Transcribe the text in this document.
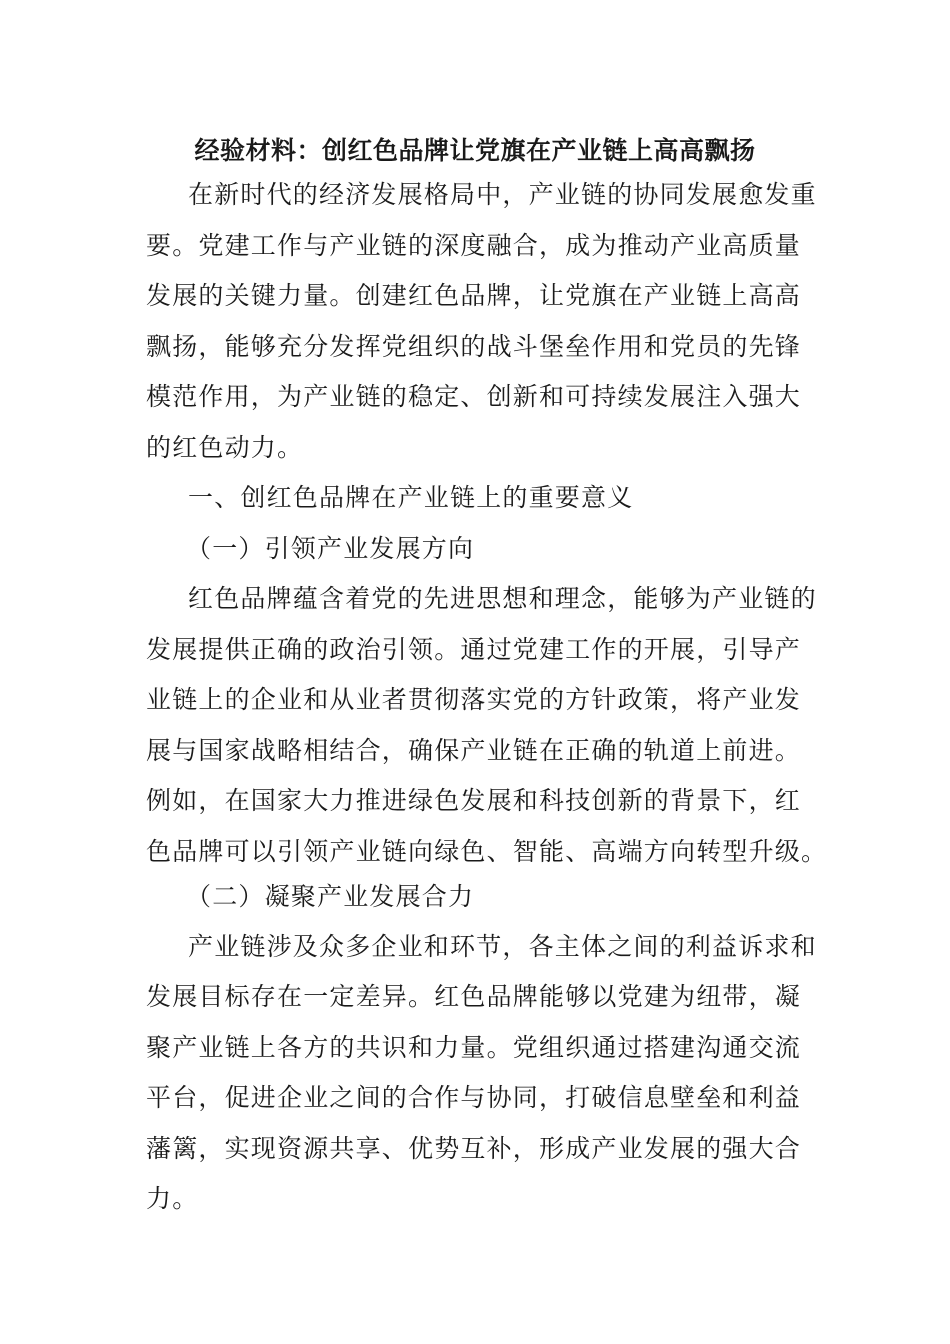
经验材料：创红色品牌让党旗在产业链上高高飘扬
在新时代的经济发展格局中，产业链的协同发展愈发重
要。党建工作与产业链的深度融合，成为推动产业高质量
发展的关键力量。创建红色品牌，让党旗在产业链上高高
飘扬，能够充分发挥党组织的战斗堡垒作用和党员的先锋
模范作用，为产业链的稳定、创新和可持续发展注入强大
的红色动力。
一、创红色品牌在产业链上的重要意义
（一）引领产业发展方向
红色品牌蕴含着党的先进思想和理念，能够为产业链的
发展提供正确的政治引领。通过党建工作的开展，引导产
业链上的企业和从业者贯彻落实党的方针政策，将产业发
展与国家战略相结合，确保产业链在正确的轨道上前进。
例如，在国家大力推进绿色发展和科技创新的背景下，红
色品牌可以引领产业链向绿色、智能、高端方向转型升级。
（二）凝聚产业发展合力
产业链涉及众多企业和环节，各主体之间的利益诉求和
发展目标存在一定差异。红色品牌能够以党建为纽带，凝
聚产业链上各方的共识和力量。党组织通过搭建沟通交流
平台，促进企业之间的合作与协同，打破信息壁垒和利益
藩篱，实现资源共享、优势互补，形成产业发展的强大合
力。
